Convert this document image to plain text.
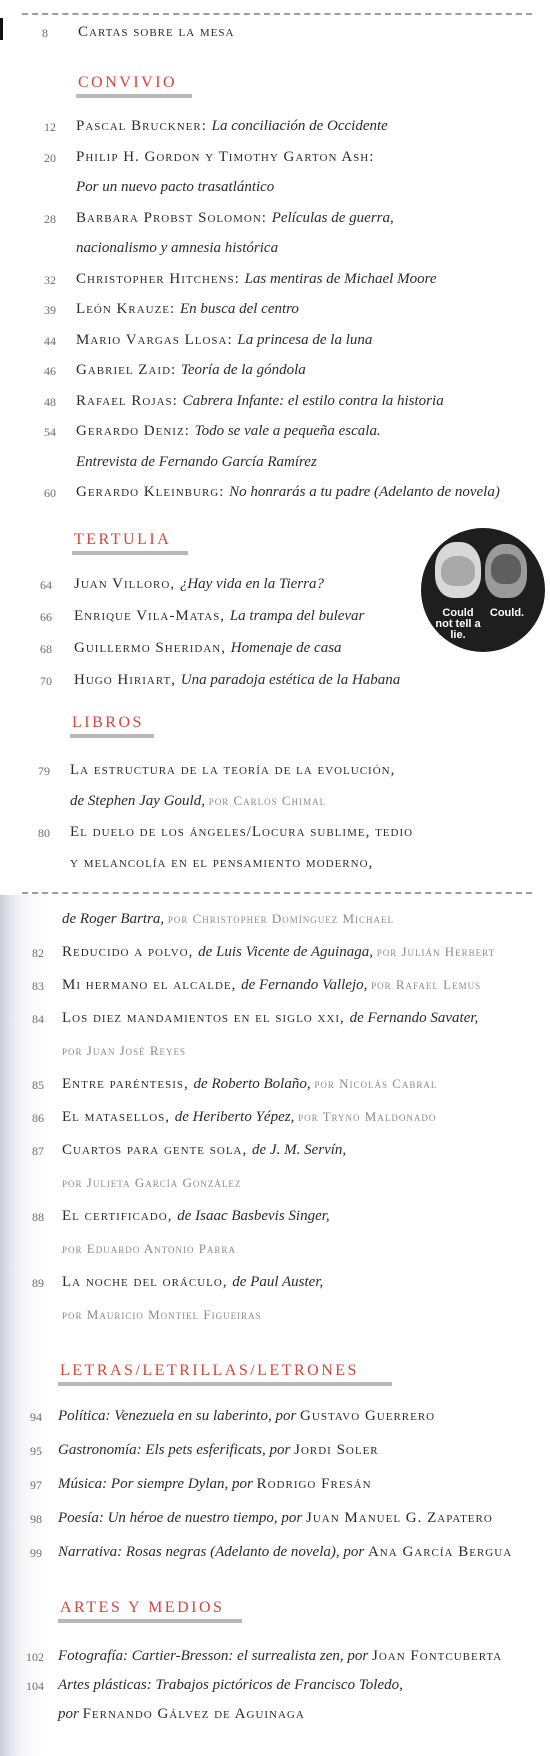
CONVIVIO
TERTULIA
LIBROS
LETRAS/LETRILLAS/LETRONES
ARTES Y MEDIOS
Could not tell a lie.
Could.
8 Cartas sobre la mesa
12 Pascal Bruckner: La conciliación de Occidente
20 Philip H. Gordon y Timothy Garton Ash:
Por un nuevo pacto trasatlántico
28 Barbara Probst Solomon: Películas de guerra,
nacionalismo y amnesia histórica
32 Christopher Hitchens: Las mentiras de Michael Moore
39 León Krauze: En busca del centro
44 Mario Vargas Llosa: La princesa de la luna
46 Gabriel Zaid: Teoría de la góndola
48 Rafael Rojas: Cabrera Infante: el estilo contra la historia
54 Gerardo Deniz: Todo se vale a pequeña escala.
Entrevista de Fernando García Ramírez
60 Gerardo Kleinburg: No honrarás a tu padre (Adelanto de novela)
64 Juan Villoro, ¿Hay vida en la Tierra?
66 Enrique Vila-Matas, La trampa del bulevar
68 Guillermo Sheridan, Homenaje de casa
70 Hugo Hiriart, Una paradoja estética de la Habana
79 La estructura de la teoría de la evolución,
de Stephen Jay Gould, por Carlos Chimal
80 El duelo de los ángeles/Locura sublime, tedio
y melancolía en el pensamiento moderno,
de Roger Bartra, por Christopher Domínguez Michael
82 Reducido a polvo, de Luis Vicente de Aguinaga, por Julián Herbert
83 Mi hermano el alcalde, de Fernando Vallejo, por Rafael Lemus
84 Los diez mandamientos en el siglo xxi, de Fernando Savater,
por Juan José Reyes
85 Entre paréntesis, de Roberto Bolaño, por Nicolás Cabral
86 El matasellos, de Heriberto Yépez, por Tryno Maldonado
87 Cuartos para gente sola, de J. M. Servín,
por Julieta García González
88 El certificado, de Isaac Basbevis Singer,
por Eduardo Antonio Parra
89 La noche del oráculo, de Paul Auster,
por Mauricio Montiel Figueiras
94 Política: Venezuela en su laberinto, por Gustavo Guerrero
95 Gastronomía: Els pets esferificats, por Jordi Soler
97 Música: Por siempre Dylan, por Rodrigo Fresán
98 Poesía: Un héroe de nuestro tiempo, por Juan Manuel G. Zapatero
99 Narrativa: Rosas negras (Adelanto de novela), por Ana García Bergua
102 Fotografía: Cartier-Bresson: el surrealista zen, por Joan Fontcuberta
104 Artes plásticas: Trabajos pictóricos de Francisco Toledo,
por Fernando Gálvez de Aguinaga
